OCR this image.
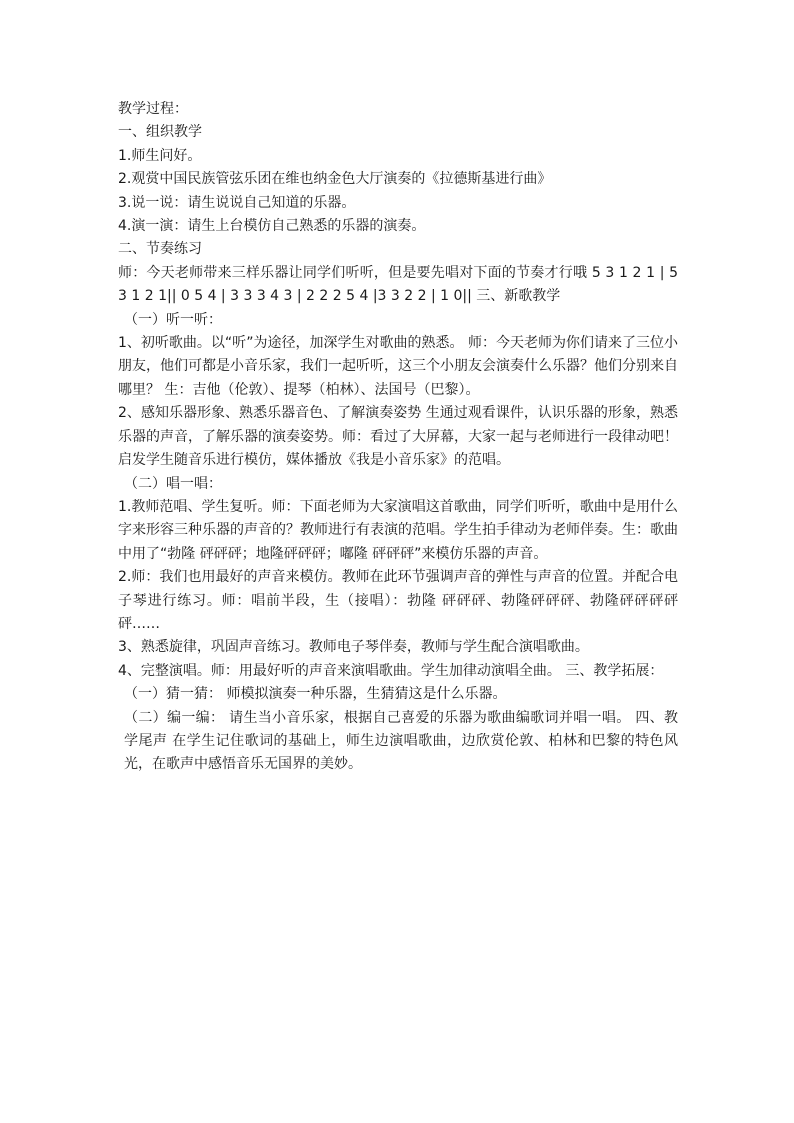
教学过程：

一、组织教学

1.师生问好。

2.观赏中国民族管弦乐团在维也纳金色大厅演奏的《拉德斯基进行曲》

3.说一说：请生说说自己知道的乐器。

4.演一演：请生上台模仿自己熟悉的乐器的演奏。

二、节奏练习

师：今天老师带来三样乐器让同学们听听，但是要先唱对下面的节奏才行哦 5 3 1 2 1 | 5 3 1 2 1|| 0 5 4 | 3 3 3 4 3 | 2 2 2 5 4 |3 3 2 2 | 1 0|| 三、新歌教学

（一）听一听：

1、初听歌曲。以“听”为途径，加深学生对歌曲的熟悉。 师：今天老师为你们请来了三位小朋友，他们可都是小音乐家，我们一起听听，这三个小朋友会演奏什么乐器？他们分别来自哪里？ 生：吉他（伦敦）、提琴（柏林）、法国号（巴黎）。

2、感知乐器形象、熟悉乐器音色、了解演奏姿势 生通过观看课件，认识乐器的形象，熟悉乐器的声音，了解乐器的演奏姿势。师：看过了大屏幕，大家一起与老师进行一段律动吧！ 启发学生随音乐进行模仿，媒体播放《我是小音乐家》的范唱。

（二）唱一唱：

1.教师范唱、学生复听。师：下面老师为大家演唱这首歌曲，同学们听听，歌曲中是用什么字来形容三种乐器的声音的？教师进行有表演的范唱。学生拍手律动为老师伴奏。生：歌曲中用了“勃隆 砰砰砰；地隆砰砰砰；嘟隆 砰砰砰”来模仿乐器的声音。

2.师：我们也用最好的声音来模仿。教师在此环节强调声音的弹性与声音的位置。并配合电子琴进行练习。师：唱前半段，生（接唱）：勃隆 砰砰砰、勃隆砰砰砰、勃隆砰砰砰砰砰……

3、熟悉旋律，巩固声音练习。教师电子琴伴奏，教师与学生配合演唱歌曲。

4、完整演唱。师：用最好听的声音来演唱歌曲。学生加律动演唱全曲。 三、教学拓展：

（一）猜一猜： 师模拟演奏一种乐器，生猜猜这是什么乐器。

（二）编一编： 请生当小音乐家，根据自己喜爱的乐器为歌曲编歌词并唱一唱。 四、教学尾声 在学生记住歌词的基础上，师生边演唱歌曲，边欣赏伦敦、柏林和巴黎的特色风光，在歌声中感悟音乐无国界的美妙。
